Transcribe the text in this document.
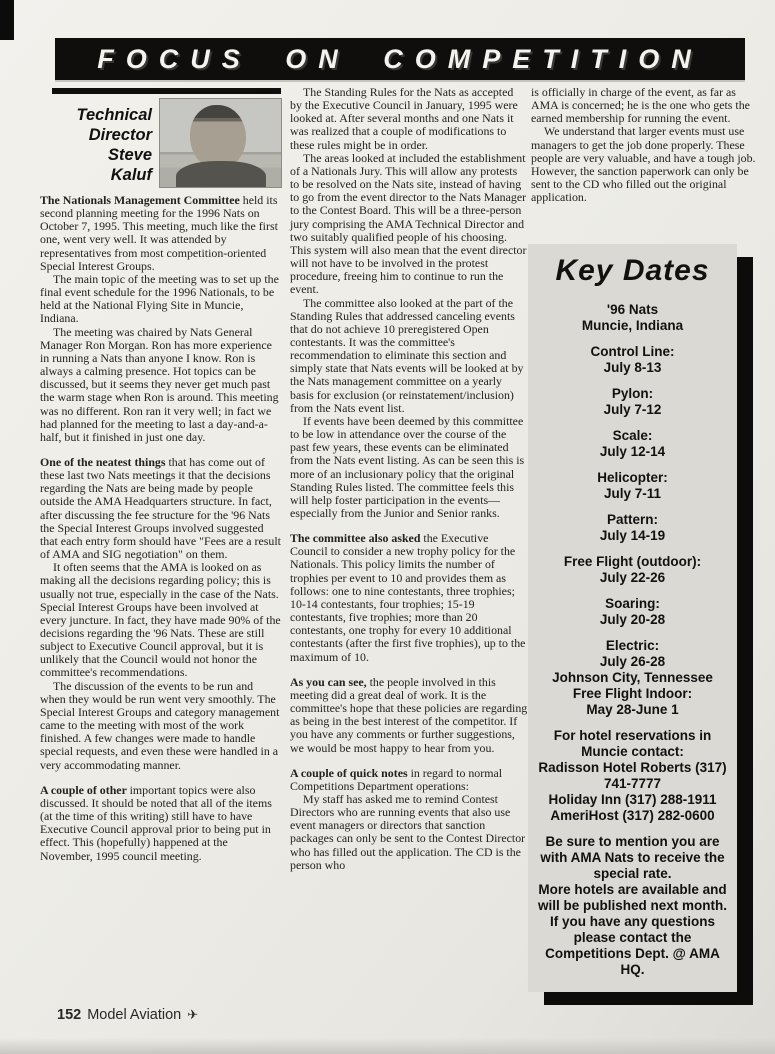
FOCUS ON COMPETITION
Technical
Director
Steve
Kaluf

The Nationals Management Committee held its second planning meeting for the 1996 Nats on October 7, 1995. This meeting, much like the first one, went very well. It was attended by representatives from most competition-oriented Special Interest Groups.

The main topic of the meeting was to set up the final event schedule for the 1996 Nationals, to be held at the National Flying Site in Muncie, Indiana.

The meeting was chaired by Nats General Manager Ron Morgan. Ron has more experience in running a Nats than anyone I know. Ron is always a calming presence. Hot topics can be discussed, but it seems they never get much past the warm stage when Ron is around. This meeting was no different. Ron ran it very well; in fact we had planned for the meeting to last a day-and-a-half, but it finished in just one day.

One of the neatest things that has come out of these last two Nats meetings it that the decisions regarding the Nats are being made by people outside the AMA Headquarters structure. In fact, after discussing the fee structure for the '96 Nats the Special Interest Groups involved suggested that each entry form should have "Fees are a result of AMA and SIG negotiation" on them.

It often seems that the AMA is looked on as making all the decisions regarding policy; this is usually not true, especially in the case of the Nats. Special Interest Groups have been involved at every juncture. In fact, they have made 90% of the decisions regarding the '96 Nats. These are still subject to Executive Council approval, but it is unlikely that the Council would not honor the committee's recommendations.

The discussion of the events to be run and when they would be run went very smoothly. The Special Interest Groups and category management came to the meeting with most of the work finished. A few changes were made to handle special requests, and even these were handled in a very accommodating manner.

A couple of other important topics were also discussed. It should be noted that all of the items (at the time of this writing) still have to have Executive Council approval prior to being put in effect. This (hopefully) happened at the November, 1995 council meeting.

The Standing Rules for the Nats as accepted by the Executive Council in January, 1995 were looked at. After several months and one Nats it was realized that a couple of modifications to these rules might be in order.

The areas looked at included the establishment of a Nationals Jury. This will allow any protests to be resolved on the Nats site, instead of having to go from the event director to the Nats Manager to the Contest Board. This will be a three-person jury comprising the AMA Technical Director and two suitably qualified people of his choosing. This system will also mean that the event director will not have to be involved in the protest procedure, freeing him to continue to run the event.

The committee also looked at the part of the Standing Rules that addressed canceling events that do not achieve 10 preregistered Open contestants. It was the committee's recommendation to eliminate this section and simply state that Nats events will be looked at by the Nats management committee on a yearly basis for exclusion (or reinstatement/inclusion) from the Nats event list.

If events have been deemed by this committee to be low in attendance over the course of the past few years, these events can be eliminated from the Nats event listing. As can be seen this is more of an inclusionary policy that the original Standing Rules listed. The committee feels this will help foster participation in the events—especially from the Junior and Senior ranks.

The committee also asked the Executive Council to consider a new trophy policy for the Nationals. This policy limits the number of trophies per event to 10 and provides them as follows: one to nine contestants, three trophies; 10-14 contestants, four trophies; 15-19 contestants, five trophies; more than 20 contestants, one trophy for every 10 additional contestants (after the first five trophies), up to the maximum of 10.

As you can see, the people involved in this meeting did a great deal of work. It is the committee's hope that these policies are regarding as being in the best interest of the competitor. If you have any comments or further suggestions, we would be most happy to hear from you.

A couple of quick notes in regard to normal Competitions Department operations:

My staff has asked me to remind Contest Directors who are running events that also use event managers or directors that sanction packages can only be sent to the Contest Director who has filled out the application. The CD is the person who

is officially in charge of the event, as far as AMA is concerned; he is the one who gets the earned membership for running the event.

We understand that larger events must use managers to get the job done properly. These people are very valuable, and have a tough job. However, the sanction paperwork can only be sent to the CD who filled out the original application.

Key Dates
'96 Nats
Muncie, Indiana
Control Line:
July 8-13
Pylon:
July 7-12
Scale:
July 12-14
Helicopter:
July 7-11
Pattern:
July 14-19
Free Flight (outdoor):
July 22-26
Soaring:
July 20-28
Electric:
July 26-28
Johnson City, Tennessee
Free Flight Indoor:
May 28-June 1
For hotel reservations in
Muncie contact:
Radisson Hotel Roberts (317)
741-7777
Holiday Inn (317) 288-1911
AmeriHost (317) 282-0600
Be sure to mention you are with AMA Nats to receive the special rate.
More hotels are available and will be published next month.
If you have any questions please contact the Competitions Dept. @ AMA HQ.
152 Model Aviation ✈
